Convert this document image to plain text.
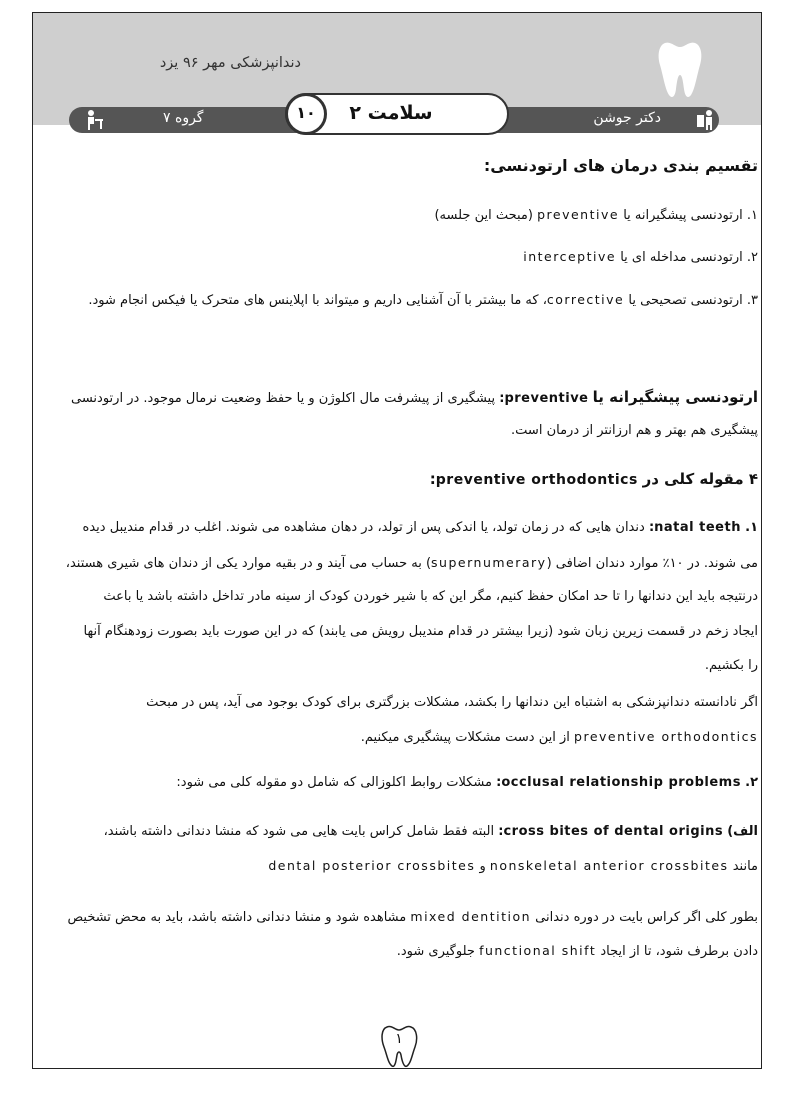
دندانپزشکی مهر ۹۶ یزد
دکتر جوشن
گروه ۷	سلامت ۲
۱۰
۱

تقسیم بندی درمان های ارتودنسی:

۱. ارتودنسی پیشگیرانه یا preventive (مبحث این جلسه)

۲. ارتودنسی مداخله ای یا interceptive

۳. ارتودنسی تصحیحی یا corrective، که ما بیشتر با آن آشنایی داریم و میتواند با اپلاینس های متحرک یا فیکس انجام شود.

ارتودنسی پیشگیرانه یا preventive: پیشگیری از پیشرفت مال اکلوژن و یا حفظ وضعیت نرمال موجود. در ارتودنسی

پیشگیری هم بهتر و هم ارزانتر از درمان است.

۴ مقوله کلی در preventive orthodontics:

۱. natal teeth: دندان هایی که در زمان تولد، یا اندکی پس از تولد، در دهان مشاهده می شوند. اغلب در قدام مندیبل دیده

می شوند. در ۱۰٪ موارد دندان اضافی (supernumerary) به حساب می آیند و در بقیه موارد یکی از دندان های شیری هستند،

درنتیجه باید این دندانها را تا حد امکان حفظ کنیم، مگر این که با شیر خوردن کودک از سینه مادر تداخل داشته باشد یا باعث

ایجاد زخم در قسمت زیرین زبان شود (زیرا بیشتر در قدام مندیبل رویش می یابند) که در این صورت باید بصورت زودهنگام آنها

را بکشیم.

اگر نادانسته دندانپزشکی به اشتباه این دندانها را بکشد، مشکلات بزرگتری برای کودک بوجود می آید، پس در مبحث

preventive orthodontics از این دست مشکلات پیشگیری میکنیم.

۲. occlusal relationship problems: مشکلات روابط اکلوزالی که شامل دو مقوله کلی می شود:

الف) cross bites of dental origins: البته فقط شامل کراس بایت هایی می شود که منشا دندانی داشته باشند،

مانند nonskeletal anterior crossbites و dental posterior crossbites

بطور کلی اگر کراس بایت در دوره دندانی mixed dentition مشاهده شود و منشا دندانی داشته باشد، باید به محض تشخیص

دادن برطرف شود، تا از ایجاد functional shift جلوگیری شود.
